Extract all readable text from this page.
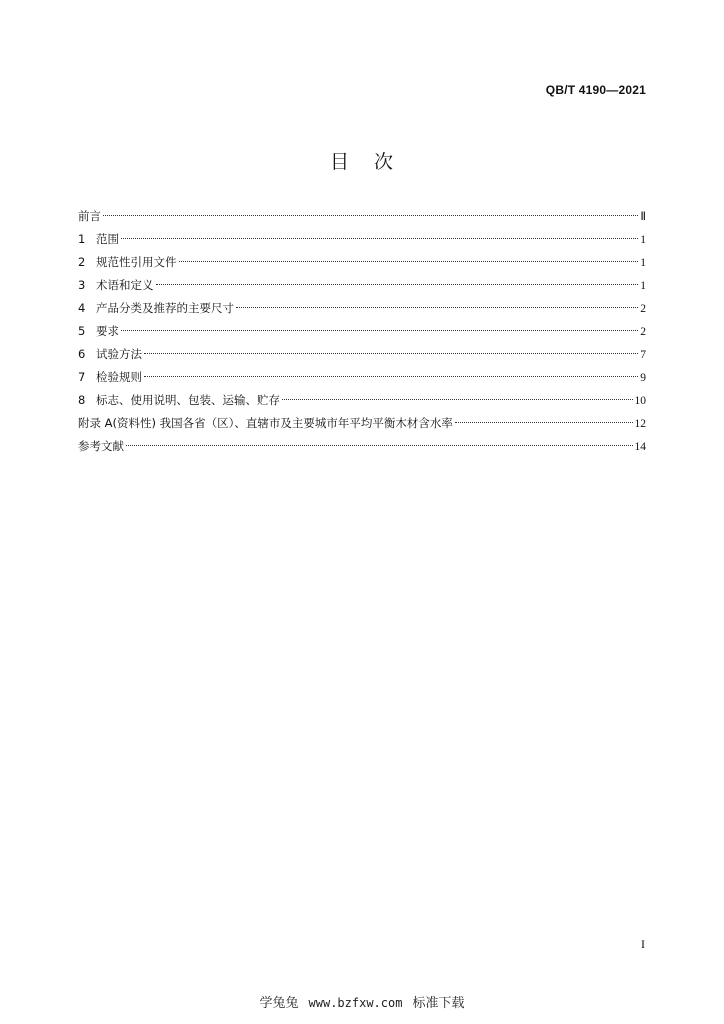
QB/T 4190—2021
目 次
前言	Ⅱ
1 范围	1
2 规范性引用文件	1
3 术语和定义	1
4 产品分类及推荐的主要尺寸	2
5 要求	2
6 试验方法	7
7 检验规则	9
8 标志、使用说明、包装、运输、贮存	10
附录 A(资料性) 我国各省（区）、直辖市及主要城市年平均平衡木材含水率	12
参考文献	14
I
学兔兔 www.bzfxw.com 标准下载
